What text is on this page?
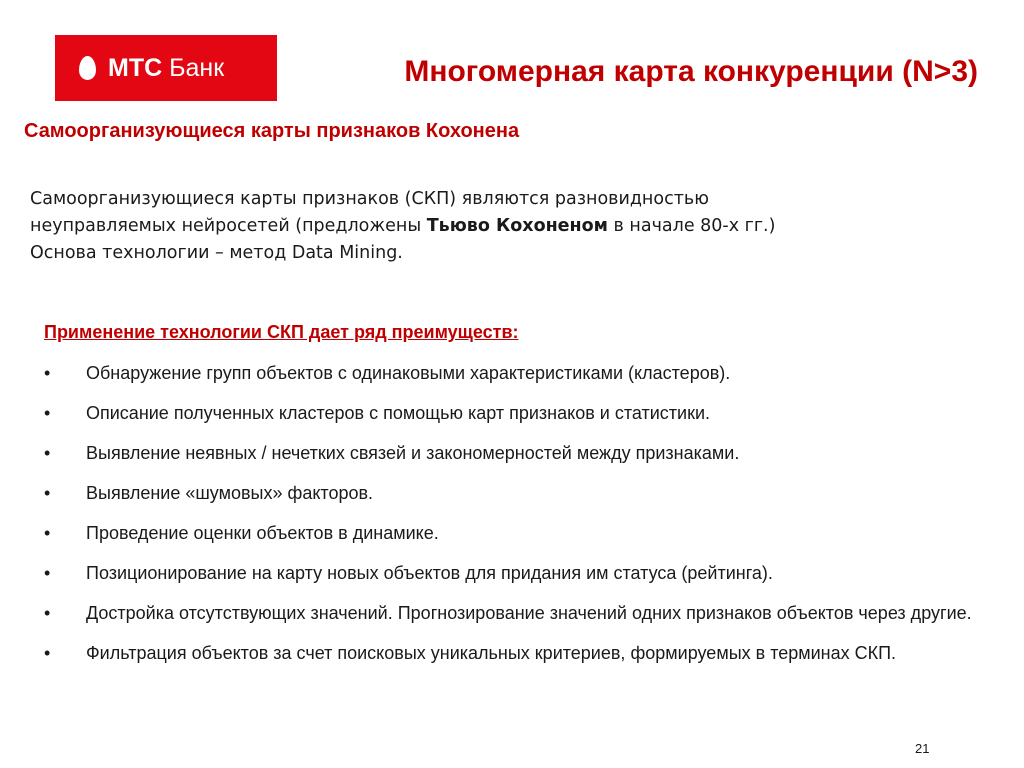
МТС Банк	Многомерная карта конкуренции (N>3)
Самоорганизующиеся карты признаков Кохонена

Самоорганизующиеся карты признаков (СКП) являются разновидностью
неуправляемых нейросетей (предложены Тьюво Кохоненом в начале 80-х гг.)
Основа технологии – метод Data Mining.

Применение технологии СКП дает ряд преимуществ:
•	Обнаружение групп объектов с одинаковыми характеристиками (кластеров).
•	Описание полученных кластеров с помощью карт признаков и статистики.
•	Выявление неявных / нечетких связей и закономерностей между признаками.
•	Выявление «шумовых» факторов.
•	Проведение оценки объектов в динамике.
•	Позиционирование на карту новых объектов для придания им статуса (рейтинга).
•	Достройка отсутствующих значений. Прогнозирование значений одних признаков объектов через другие.
•	Фильтрация объектов за счет поисковых уникальных критериев, формируемых в терминах СКП.
21
